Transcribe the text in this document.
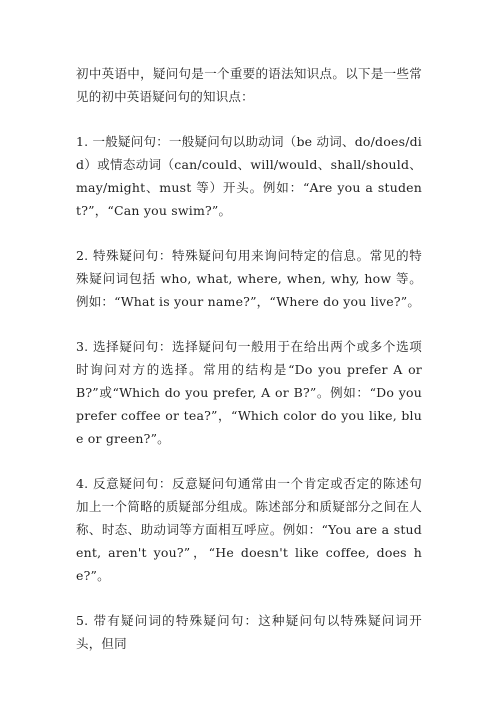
初中英语中，疑问句是一个重要的语法知识点。以下是一些常见的初中英语疑问句的知识点：

1. 一般疑问句：一般疑问句以助动词（be 动词、do/does/did）或情态动词（can/could、will/would、shall/should、may/might、must 等）开头。例如：“Are you a student?”，“Can you swim?”。

2. 特殊疑问句：特殊疑问句用来询问特定的信息。常见的特殊疑问词包括 who, what, where, when, why, how 等。例如：“What is your name?”，“Where do you live?”。

3. 选择疑问句：选择疑问句一般用于在给出两个或多个选项时询问对方的选择。常用的结构是“Do you prefer A or B?”或“Which do you prefer, A or B?”。例如：“Do you prefer coffee or tea?”，“Which color do you like, blue or green?”。

4. 反意疑问句：反意疑问句通常由一个肯定或否定的陈述句加上一个简略的质疑部分组成。陈述部分和质疑部分之间在人称、时态、助动词等方面相互呼应。例如：“You are a student, aren't you?”，“He doesn't like coffee, does he?”。

5. 带有疑问词的特殊疑问句：这种疑问句以特殊疑问词开头，但同
